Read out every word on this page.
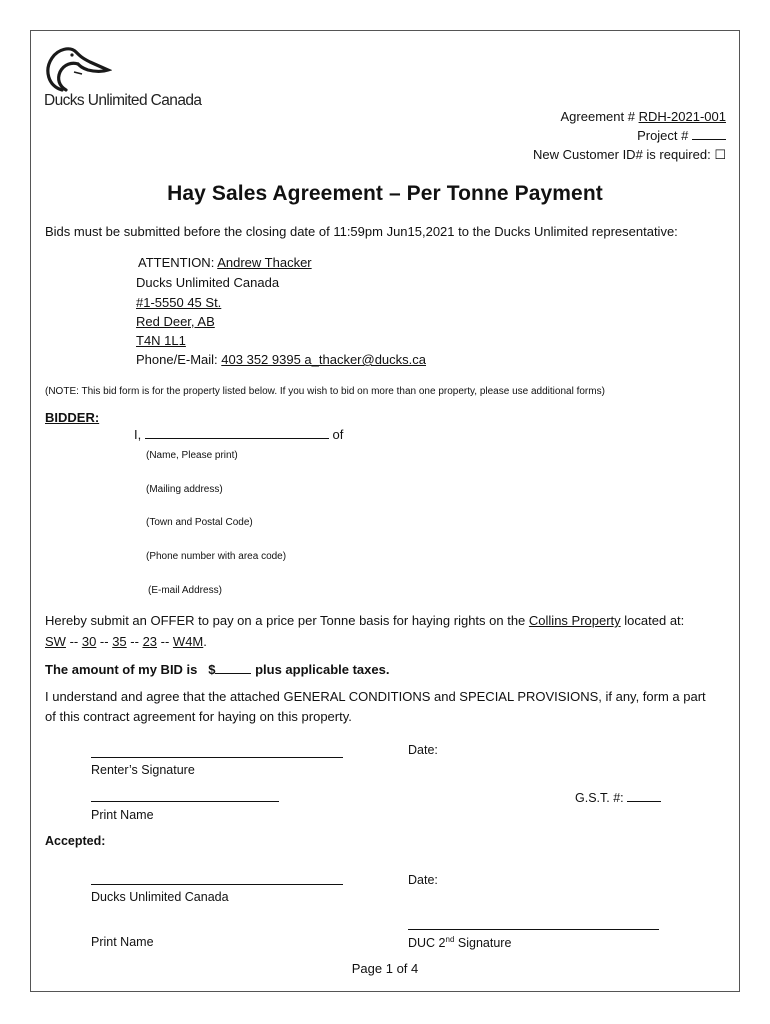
Ducks Unlimited Canada
Agreement # RDH-2021-001
Project #
New Customer ID# is required: ☐
Hay Sales Agreement – Per Tonne Payment
Bids must be submitted before the closing date of 11:59pm Jun15,2021 to the Ducks Unlimited representative:
ATTENTION: Andrew Thacker
Ducks Unlimited Canada
#1-5550 45 St.
Red Deer, AB
T4N 1L1
Phone/E-Mail: 403 352 9395 a_thacker@ducks.ca
(NOTE: This bid form is for the property listed below. If you wish to bid on more than one property, please use additional forms)
BIDDER:
I,	of
(Name, Please print)
(Mailing address)
(Town and Postal Code)
(Phone number with area code)
(E-mail Address)
Hereby submit an OFFER to pay on a price per Tonne basis for haying rights on the Collins Property located at:
SW -- 30 -- 35 -- 23 -- W4M.
The amount of my BID is   $	plus applicable taxes.
I understand and agree that the attached GENERAL CONDITIONS and SPECIAL PROVISIONS, if any, form a part
of this contract agreement for haying on this property.
Date:
Renter’s Signature
G.S.T. #:
Print Name
Accepted:
Date:
Ducks Unlimited Canada
Print Name	DUC 2nd Signature
Page 1 of 4
